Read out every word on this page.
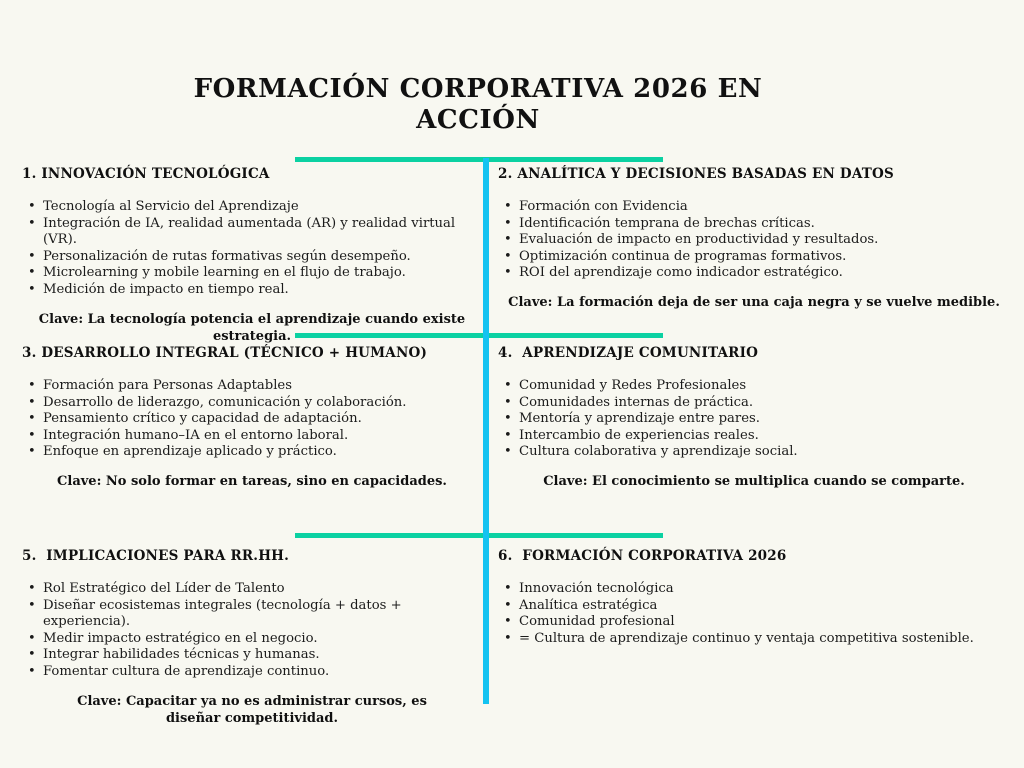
FORMACIÓN CORPORATIVA 2026 EN ACCIÓN
1. INNOVACIÓN TECNOLÓGICA
• Tecnología al Servicio del Aprendizaje
• Integración de IA, realidad aumentada (AR) y realidad virtual (VR).
• Personalización de rutas formativas según desempeño.
• Microlearning y mobile learning en el flujo de trabajo.
• Medición de impacto en tiempo real.

Clave: La tecnología potencia el aprendizaje cuando existe estrategia.

2. ANALÍTICA Y DECISIONES BASADAS EN DATOS
• Formación con Evidencia
• Identificación temprana de brechas críticas.
• Evaluación de impacto en productividad y resultados.
• Optimización continua de programas formativos.
• ROI del aprendizaje como indicador estratégico.

Clave: La formación deja de ser una caja negra y se vuelve medible.

3. DESARROLLO INTEGRAL (TÉCNICO + HUMANO)
• Formación para Personas Adaptables
• Desarrollo de liderazgo, comunicación y colaboración.
• Pensamiento crítico y capacidad de adaptación.
• Integración humano–IA en el entorno laboral.
• Enfoque en aprendizaje aplicado y práctico.

Clave: No solo formar en tareas, sino en capacidades.

4.  APRENDIZAJE COMUNITARIO
• Comunidad y Redes Profesionales
• Comunidades internas de práctica.
• Mentoría y aprendizaje entre pares.
• Intercambio de experiencias reales.
• Cultura colaborativa y aprendizaje social.

Clave: El conocimiento se multiplica cuando se comparte.

5.  IMPLICACIONES PARA RR.HH.
• Rol Estratégico del Líder de Talento
• Diseñar ecosistemas integrales (tecnología + datos + experiencia).
• Medir impacto estratégico en el negocio.
• Integrar habilidades técnicas y humanas.
• Fomentar cultura de aprendizaje continuo.

Clave: Capacitar ya no es administrar cursos, es diseñar competitividad.

6.  FORMACIÓN CORPORATIVA 2026
• Innovación tecnológica
• Analítica estratégica
• Comunidad profesional
• = Cultura de aprendizaje continuo y ventaja competitiva sostenible.
